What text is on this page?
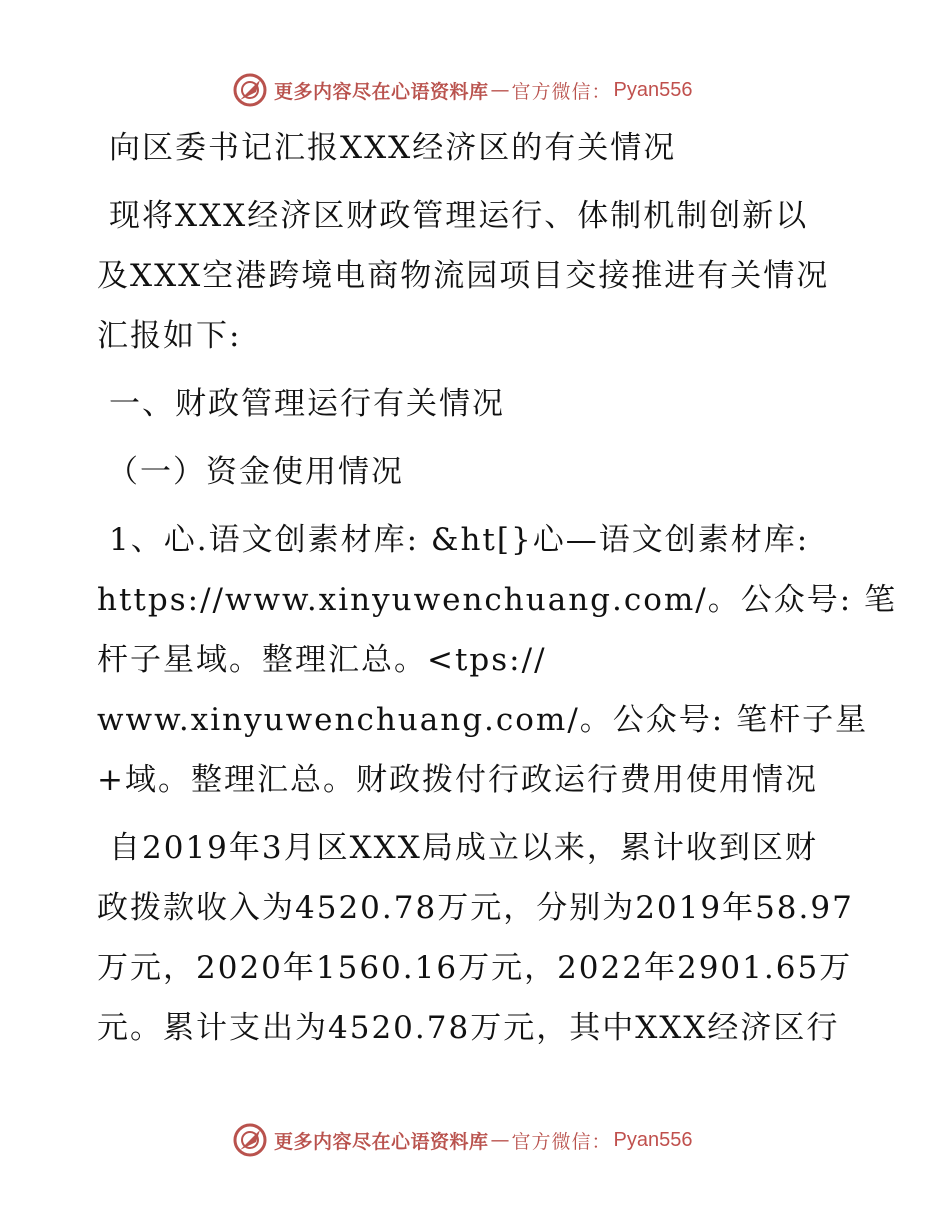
更多内容尽在心语资料库 — 官方微信： Pyan556
向区委书记汇报XXX经济区的有关情况
现将XXX经济区财政管理运行、体制机制创新以
及XXX空港跨境电商物流园项目交接推进有关情况
汇报如下:
一、财政管理运行有关情况
（一）资金使用情况
1、心.语文创素材库: &ht[}心—语文创素材库:
https://www.xinyuwenchuang.com/。公众号: 笔
杆子星域。整理汇总。<tps://
www.xinyuwenchuang.com/。公众号: 笔杆子星
+域。整理汇总。财政拨付行政运行费用使用情况
自2019年3月区XXX局成立以来，累计收到区财
政拨款收入为4520.78万元，分别为2019年58.97
万元，2020年1560.16万元，2022年2901.65万
元。累计支出为4520.78万元，其中XXX经济区行
更多内容尽在心语资料库 — 官方微信： Pyan556
